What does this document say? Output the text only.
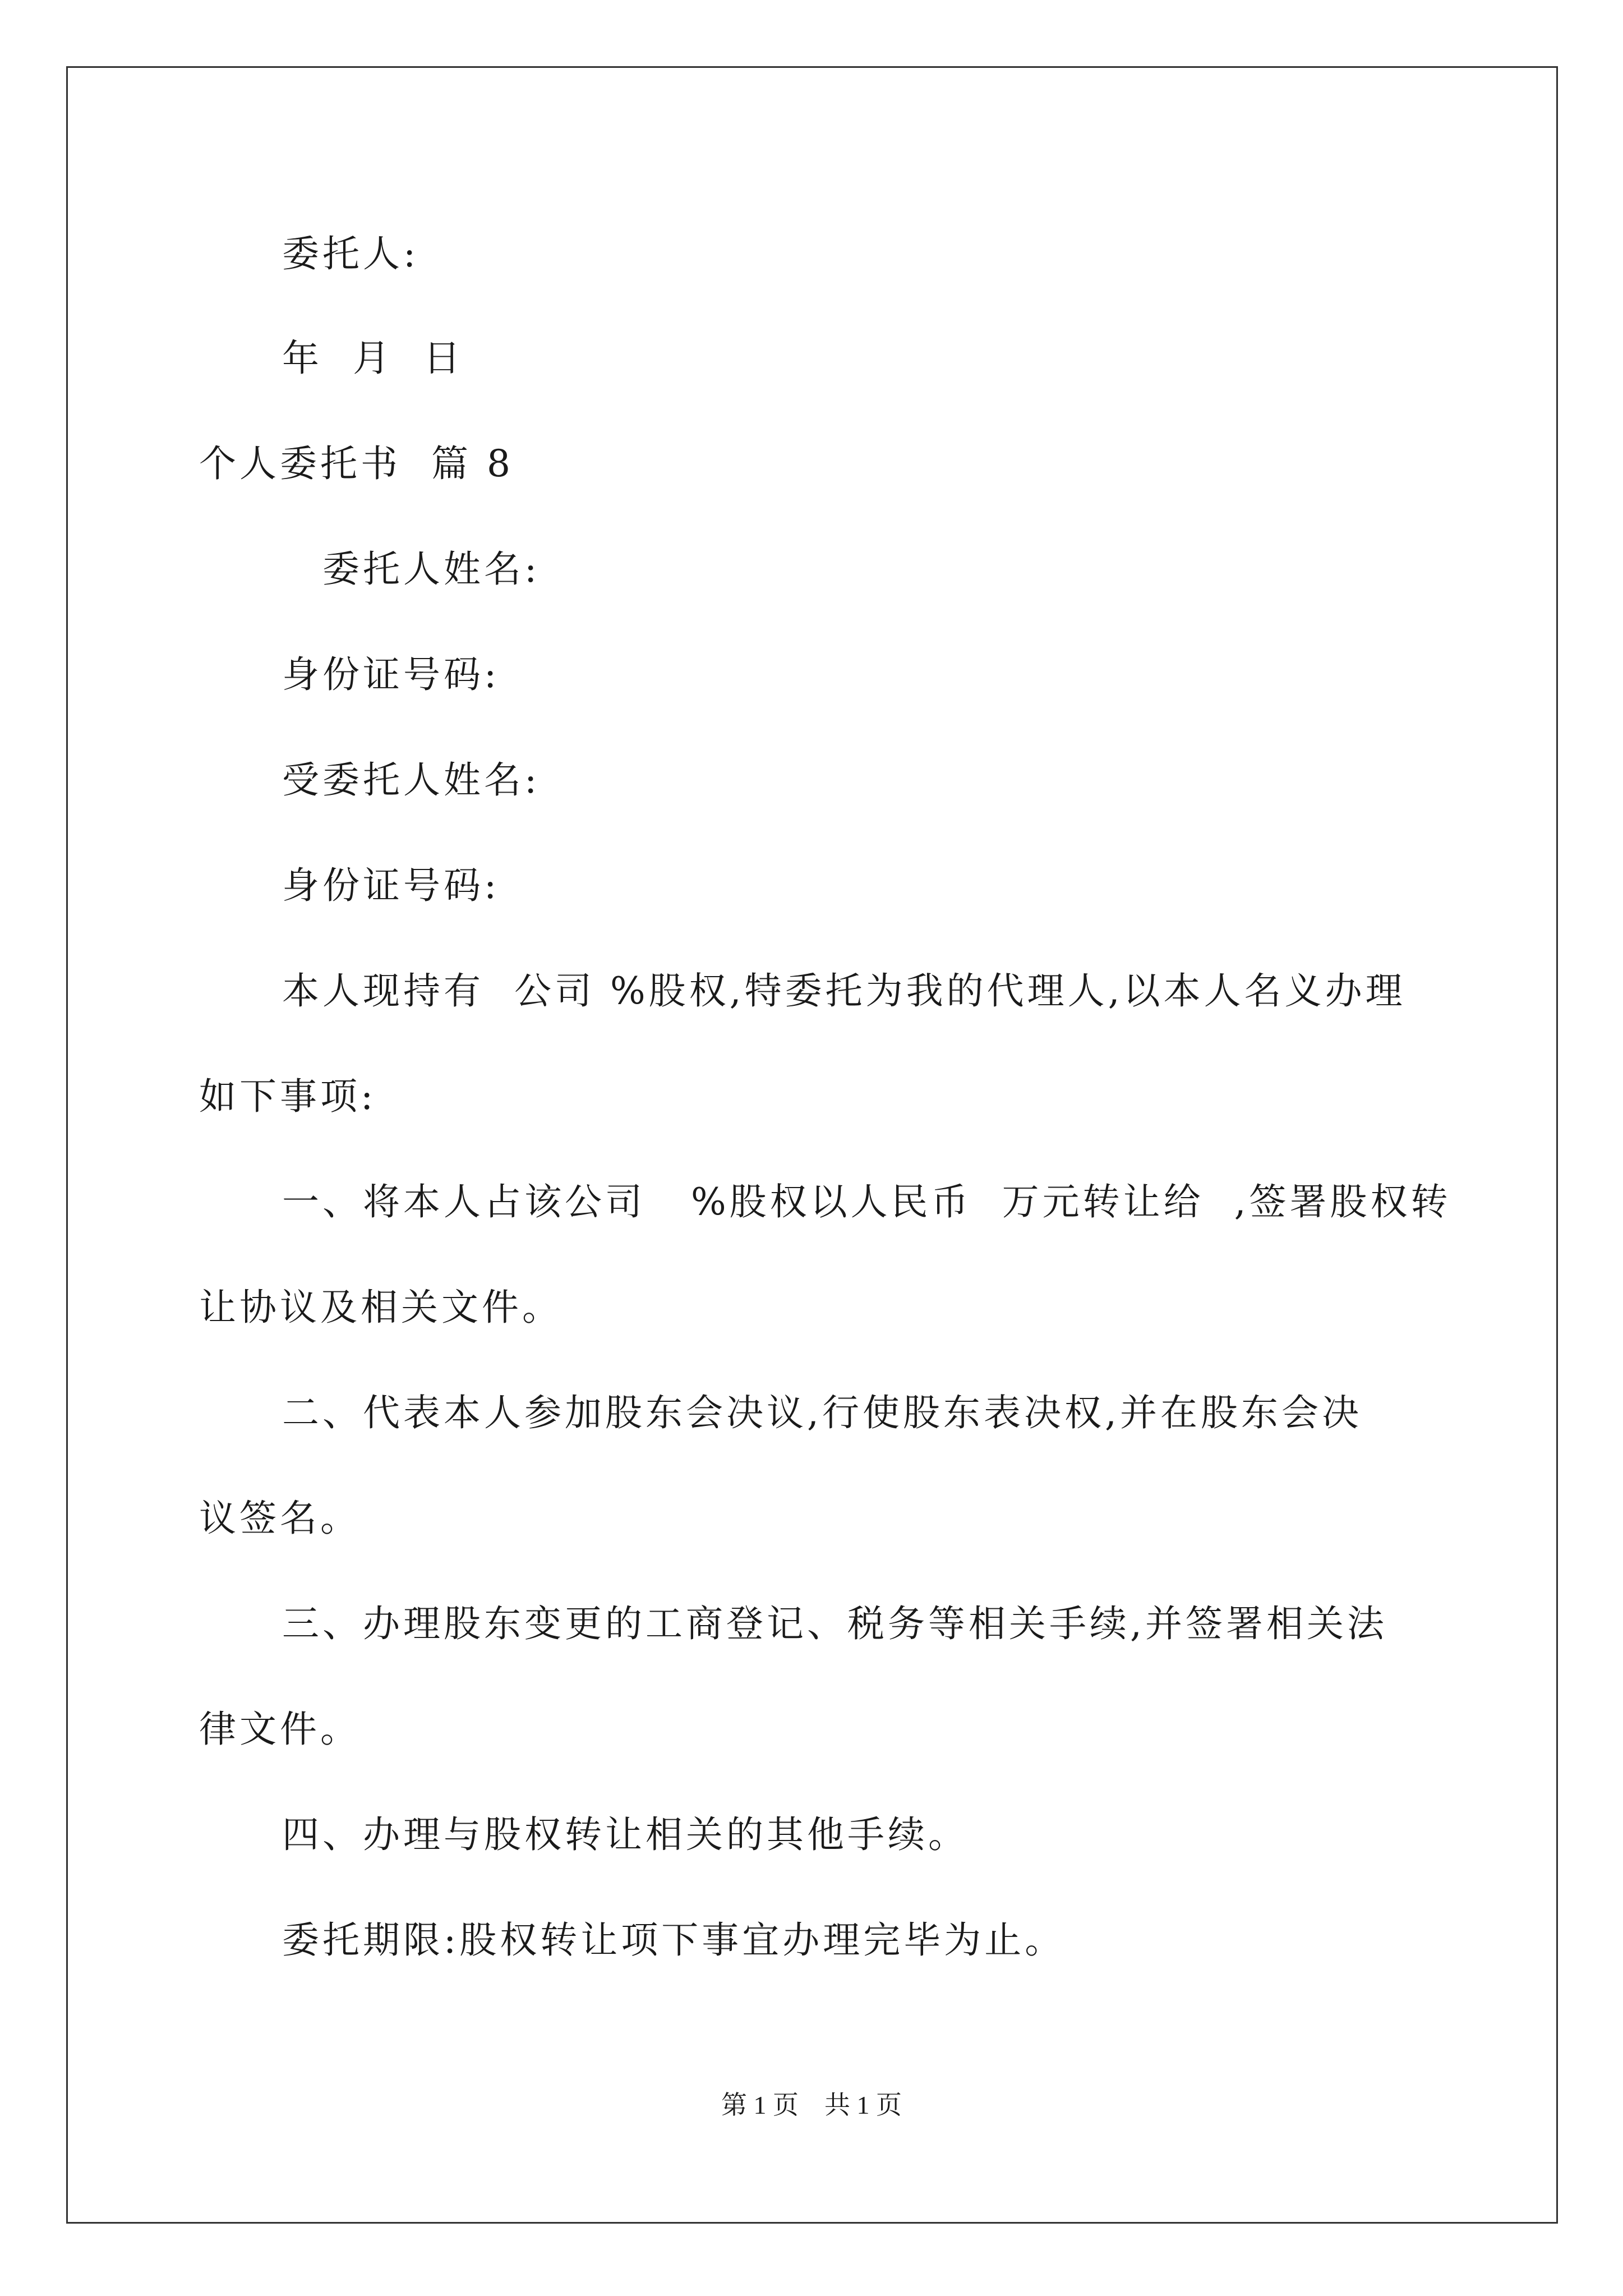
委托人:
年  月  日
个人委托书  篇 8
委托人姓名:
身份证号码:
受委托人姓名:
身份证号码:
本人现持有  公司 %股权,特委托为我的代理人,以本人名义办理
如下事项:
一、将本人占该公司   %股权以人民币  万元转让给  ,签署股权转
让协议及相关文件。
二、代表本人参加股东会决议,行使股东表决权,并在股东会决
议签名。
三、办理股东变更的工商登记、税务等相关手续,并签署相关法
律文件。
四、办理与股权转让相关的其他手续。
委托期限:股权转让项下事宜办理完毕为止。
第 1 页    共 1 页
